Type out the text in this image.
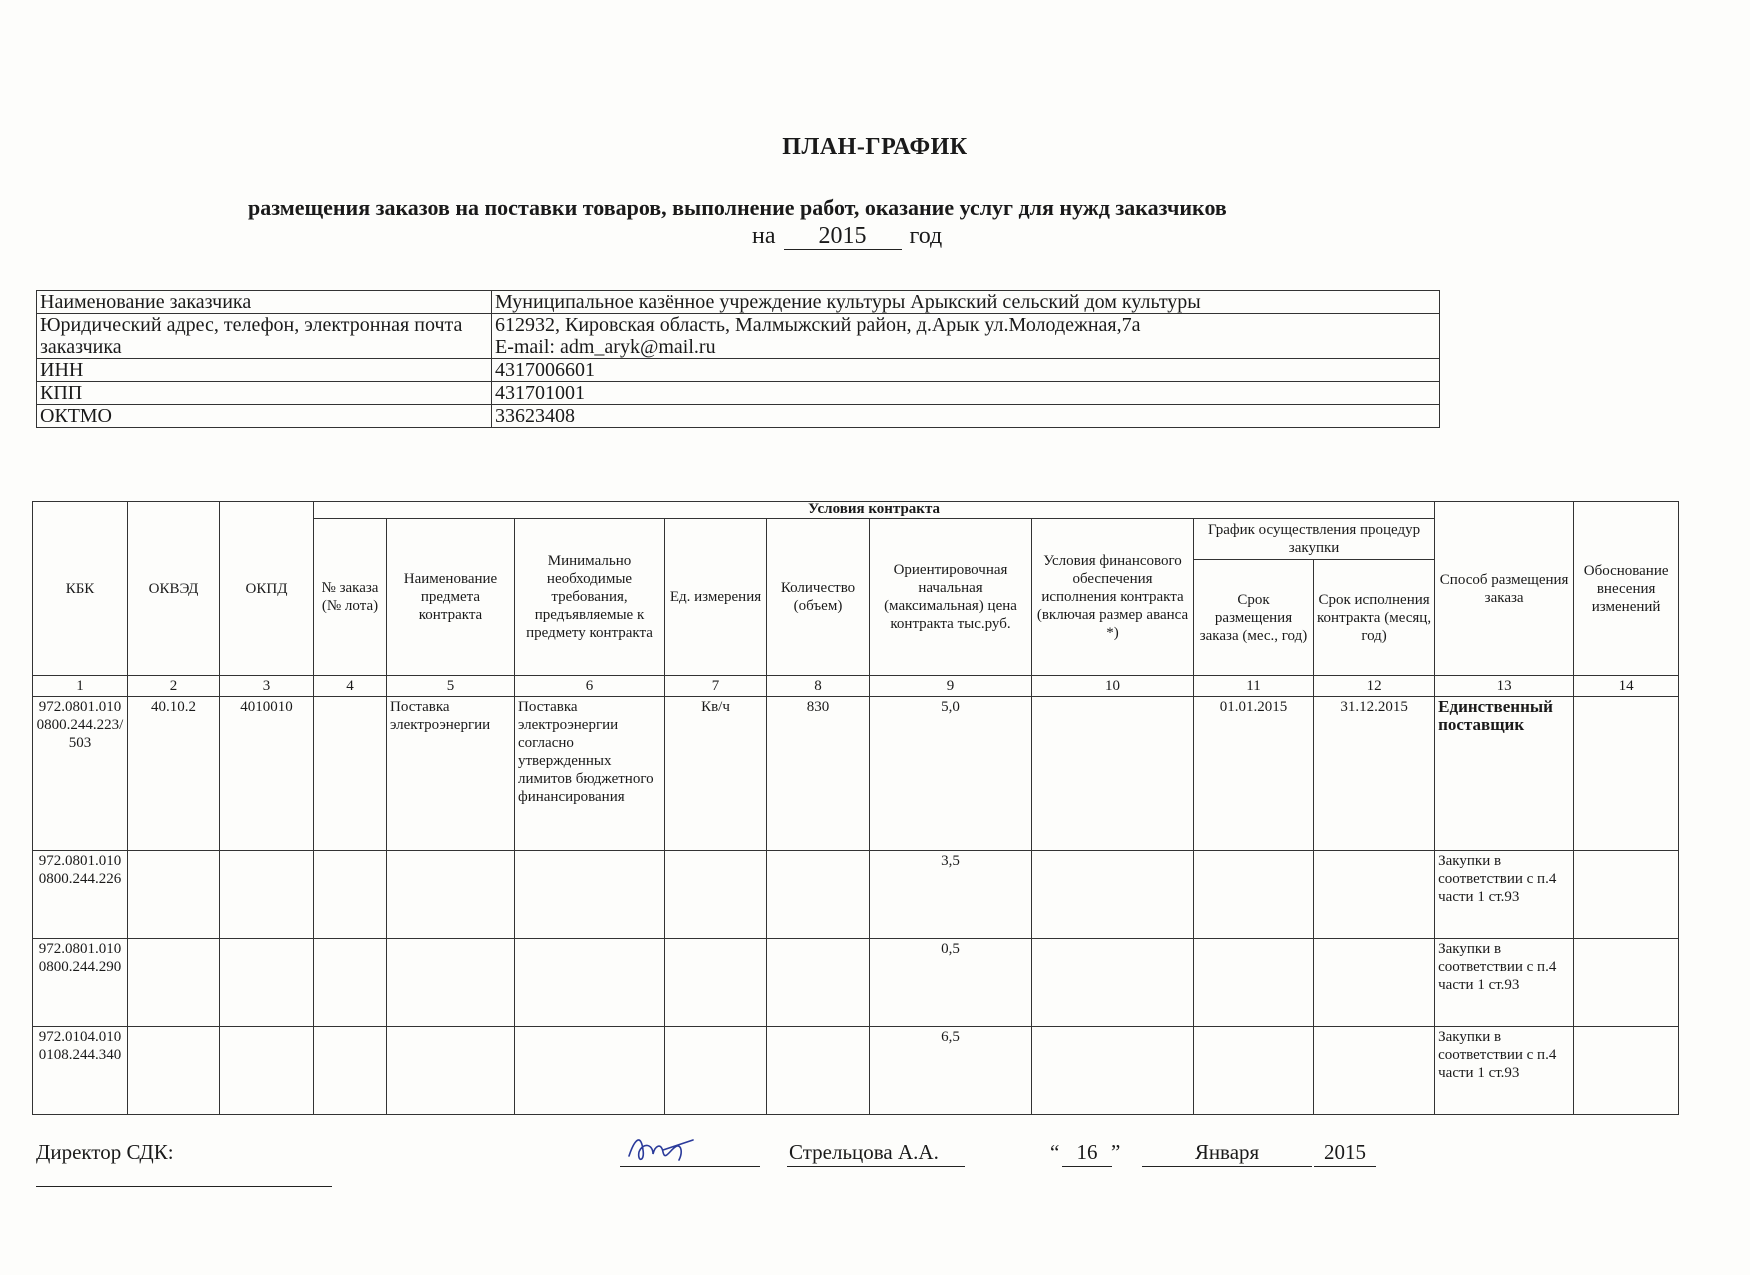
ПЛАН-ГРАФИК
размещения заказов на поставки товаров, выполнение работ, оказание услуг для нужд заказчиков
на 2015 год
Наименование заказчика	Муниципальное казённое учреждение культуры Арыкский сельский дом культуры
Юридический адрес, телефон, электронная почта заказчика	612932, Кировская область, Малмыжский район, д.Арык ул.Молодежная,7а
E-mail: adm_aryk@mail.ru

ИНН	4317006601
КПП	431701001
ОКТМО	33623408
КБК	ОКВЭД	ОКПД	Условия контракта									Способ размещения заказа	Обоснование внесения изменений
			№ заказа (№ лота)	Наименование предмета контракта	Минимально необходимые требования, предъявляемые к предмету контракта	Ед. измерения	Количество (объем)	Ориентировочная начальная (максимальная) цена контракта тыс.руб.	Условия финансового обеспечения исполнения контракта (включая размер аванса *)	График осуществления процедур закупки			
										Срок размещения заказа (мес., год)	Срок исполнения контракта (месяц, год)		
1	2	3	4	5	6	7	8	9	10	11	12	13	14
972.0801.0100800.244.223/503	40.10.2	4010010		Поставка электроэнергии	Поставка электроэнергии согласно утвержденных лимитов бюджетного финансирования	Кв/ч	830	5,0		01.01.2015	31.12.2015	Единственный поставщик	
972.0801.0100800.244.226								3,5				Закупки в соответствии с п.4 части 1 ст.93	
972.0801.0100800.244.290								0,5				Закупки в соответствии с п.4 части 1 ст.93	
972.0104.0100108.244.340								6,5				Закупки в соответствии с п.4 части 1 ст.93	
Директор СДК:	Стрельцова А.А.	“ 16 ”	Января	2015
